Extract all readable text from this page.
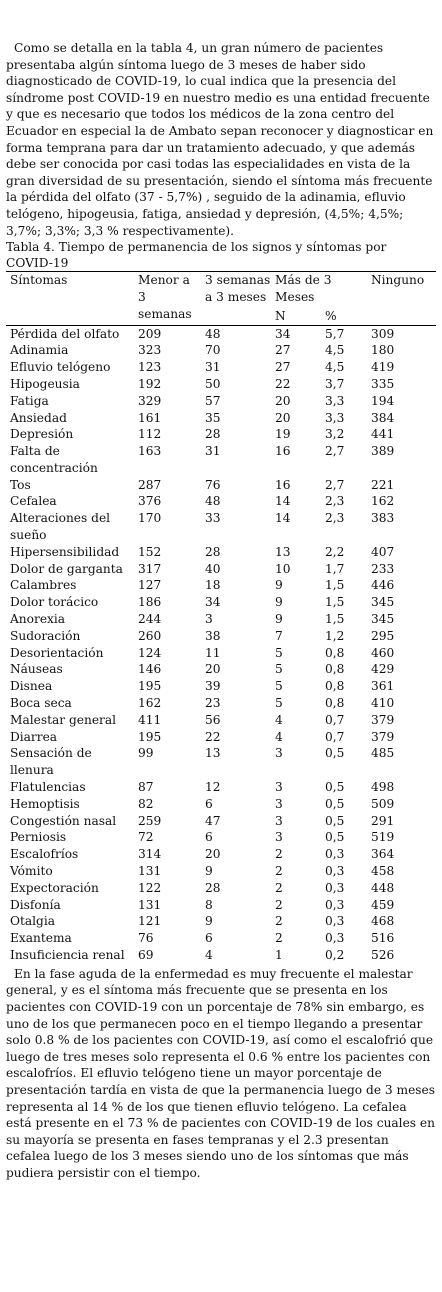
Como se detalla en la tabla 4, un gran número de pacientes presentaba algún síntoma luego de 3 meses de haber sido diagnosticado de COVID-19, lo cual indica que la presencia del síndrome post COVID-19 en nuestro medio es una entidad frecuente y que es necesario que todos los médicos de la zona centro del Ecuador en especial la de Ambato sepan reconocer y diagnosticar en forma temprana para dar un tratamiento adecuado, y que además debe ser conocida por casi todas las especialidades en vista de la gran diversidad de su presentación, siendo el síntoma más frecuente la pérdida del olfato (37 - 5,7%) , seguido de la adinamia, efluvio telógeno, hipogeusia, fatiga, ansiedad y depresión, (4,5%; 4,5%; 3,7%; 3,3%; 3,3 % respectivamente).

Tabla 4. Tiempo de permanencia de los signos y síntomas por COVID-19

Síntomas	Menor a 3 semanas	3 semanas a 3 meses	Más de 3 Meses		Ninguno
			N	%	
Pérdida del olfato	209	48	34	5,7	309
Adinamia	323	70	27	4,5	180
Efluvio telógeno	123	31	27	4,5	419
Hipogeusia	192	50	22	3,7	335
Fatiga	329	57	20	3,3	194
Ansiedad	161	35	20	3,3	384
Depresión	112	28	19	3,2	441
Falta de concentración	163	31	16	2,7	389
Tos	287	76	16	2,7	221
Cefalea	376	48	14	2,3	162
Alteraciones del sueño	170	33	14	2,3	383
Hipersensibilidad	152	28	13	2,2	407
Dolor de garganta	317	40	10	1,7	233
Calambres	127	18	9	1,5	446
Dolor torácico	186	34	9	1,5	345
Anorexia	244	3	9	1,5	345
Sudoración	260	38	7	1,2	295
Desorientación	124	11	5	0,8	460
Náuseas	146	20	5	0,8	429
Disnea	195	39	5	0,8	361
Boca seca	162	23	5	0,8	410
Malestar general	411	56	4	0,7	379
Diarrea	195	22	4	0,7	379
Sensación de llenura	99	13	3	0,5	485
Flatulencias	87	12	3	0,5	498
Hemoptisis	82	6	3	0,5	509
Congestión nasal	259	47	3	0,5	291
Perniosis	72	6	3	0,5	519
Escalofríos	314	20	2	0,3	364
Vómito	131	9	2	0,3	458
Expectoración	122	28	2	0,3	448
Disfonía	131	8	2	0,3	459
Otalgia	121	9	2	0,3	468
Exantema	76	6	2	0,3	516
Insuficiencia renal	69	4	1	0,2	526

En la fase aguda de la enfermedad es muy frecuente el malestar general, y es el síntoma más frecuente que se presenta en los pacientes con COVID-19 con un porcentaje de 78% sin embargo, es uno de los que permanecen poco en el tiempo llegando a presentar solo 0.8 % de los pacientes con COVID-19, así como el escalofrió que luego de tres meses solo representa el 0.6 % entre los pacientes con escalofríos. El efluvio telógeno tiene un mayor porcentaje de presentación tardía en vista de que la permanencia luego de 3 meses representa al 14 % de los que tienen efluvio telógeno. La cefalea está presente en el 73 % de pacientes con COVID-19 de los cuales en su mayoría se presenta en fases tempranas y el 2.3 presentan cefalea luego de los 3 meses siendo uno de los síntomas que más pudiera persistir con el tiempo.
